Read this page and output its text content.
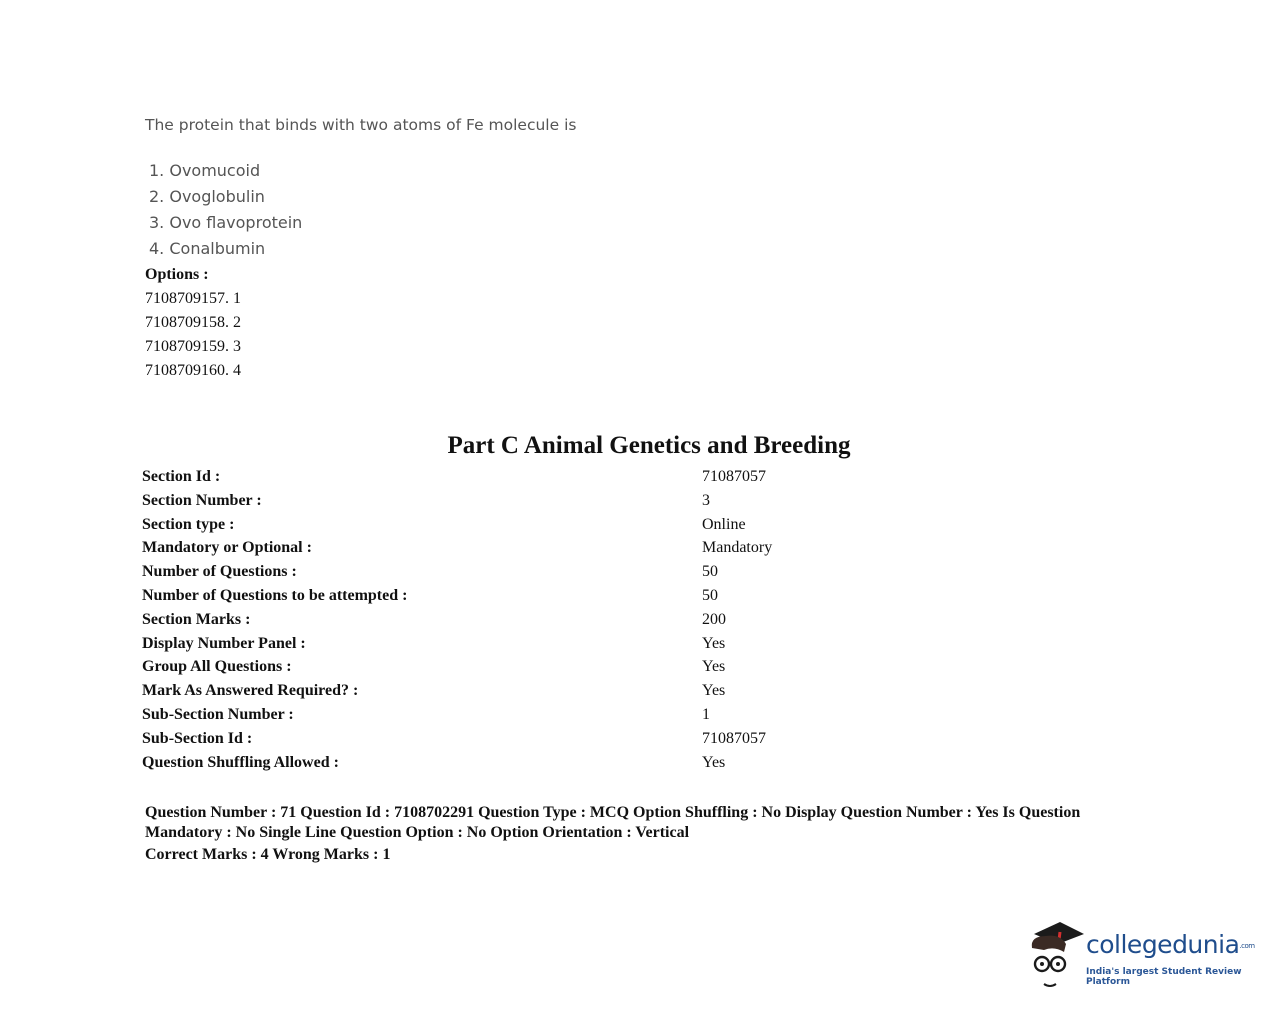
The protein that binds with two atoms of Fe molecule is
1. Ovomucoid
2. Ovoglobulin
3. Ovo flavoprotein
4. Conalbumin
Options :
7108709157. 1
7108709158. 2
7108709159. 3
7108709160. 4
Part C Animal Genetics and Breeding
Section Id :	71087057
Section Number :	3
Section type :	Online
Mandatory or Optional :	Mandatory
Number of Questions :	50
Number of Questions to be attempted :	50
Section Marks :	200
Display Number Panel :	Yes
Group All Questions :	Yes
Mark As Answered Required? :	Yes
Sub-Section Number :	1
Sub-Section Id :	71087057
Question Shuffling Allowed :	Yes
Question Number : 71 Question Id : 7108702291 Question Type : MCQ Option Shuffling : No Display Question Number : Yes Is Question Mandatory : No Single Line Question Option : No Option Orientation : Vertical
Correct Marks : 4 Wrong Marks : 1
collegedunia.com
India's largest Student Review Platform
